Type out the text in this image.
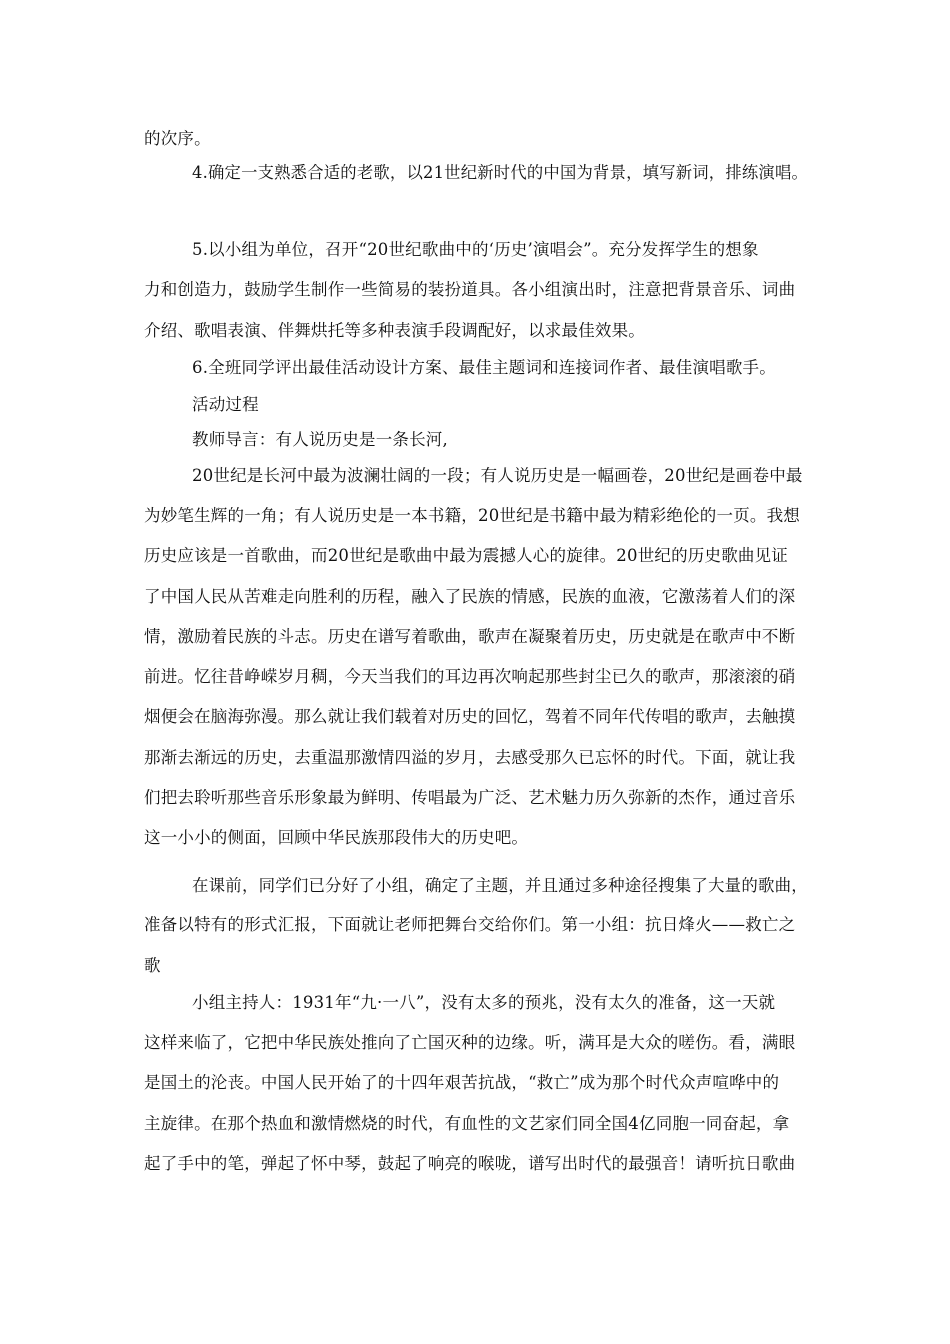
的次序。
4.确定一支熟悉合适的老歌，以21世纪新时代的中国为背景，填写新词，排练演唱。
5.以小组为单位，召开“20世纪歌曲中的‘历史’演唱会”。充分发挥学生的想象
力和创造力，鼓励学生制作一些简易的装扮道具。各小组演出时，注意把背景音乐、词曲
介绍、歌唱表演、伴舞烘托等多种表演手段调配好，以求最佳效果。
6.全班同学评出最佳活动设计方案、最佳主题词和连接词作者、最佳演唱歌手。
活动过程
教师导言：有人说历史是一条长河,
20世纪是长河中最为波澜壮阔的一段；有人说历史是一幅画卷，20世纪是画卷中最
为妙笔生辉的一角；有人说历史是一本书籍，20世纪是书籍中最为精彩绝伦的一页。我想
历史应该是一首歌曲，而20世纪是歌曲中最为震撼人心的旋律。20世纪的历史歌曲见证
了中国人民从苦难走向胜利的历程，融入了民族的情感，民族的血液，它激荡着人们的深
情，激励着民族的斗志。历史在谱写着歌曲，歌声在凝聚着历史，历史就是在歌声中不断
前进。忆往昔峥嵘岁月稠，今天当我们的耳边再次响起那些封尘已久的歌声，那滚滚的硝
烟便会在脑海弥漫。那么就让我们载着对历史的回忆，驾着不同年代传唱的歌声，去触摸
那渐去渐远的历史，去重温那激情四溢的岁月，去感受那久已忘怀的时代。下面，就让我
们把去聆听那些音乐形象最为鲜明、传唱最为广泛、艺术魅力历久弥新的杰作，通过音乐
这一小小的侧面，回顾中华民族那段伟大的历史吧。
在课前，同学们已分好了小组，确定了主题，并且通过多种途径搜集了大量的歌曲，
准备以特有的形式汇报，下面就让老师把舞台交给你们。第一小组：抗日烽火——救亡之
歌
小组主持人：1931年“九·一八”，没有太多的预兆，没有太久的准备，这一天就
这样来临了，它把中华民族处推向了亡国灭种的边缘。听，满耳是大众的嗟伤。看，满眼
是国土的沦丧。中国人民开始了的十四年艰苦抗战，“救亡”成为那个时代众声喧哗中的
主旋律。在那个热血和激情燃烧的时代，有血性的文艺家们同全国4亿同胞一同奋起，拿
起了手中的笔，弹起了怀中琴，鼓起了响亮的喉咙，谱写出时代的最强音！请听抗日歌曲
